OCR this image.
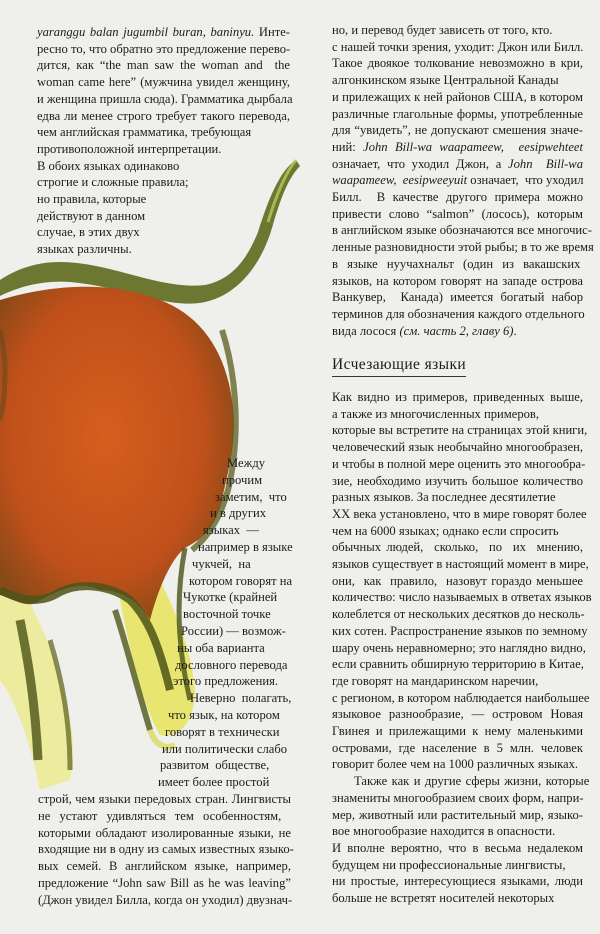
yaranggu balan jugumbil buran, baninyu. Инте-
ресно то, что обратно это предложение перево-
дится, как “the man saw the woman and  the
woman came here” (мужчина увидел женщину,
и женщина пришла сюда). Грамматика дырбала
едва ли менее строго требует такого перевода,
чем английская грамматика, требующая
противоположной интерпретации.
В обоих языках одинаково
строгие и сложные правила;
но правила, которые
действуют в данном
случае, в этих двух
языках различны.
Между
прочим
заметим,  что
и в других
языках  —
например в языке
чукчей,  на
котором говорят на
Чукотке (крайней
восточной точке
России) — возмож-
ны оба варианта
дословного перевода
этого предложения.
Неверно  полагать,
что язык, на котором
говорят в технически
или политически слабо
развитом  обществе,
имеет более простой
строй, чем языки передовых стран. Лингвисты
не устают удивляться тем особенностям,
которыми обладают изолированные языки, не
входящие ни в одну из самых известных языко-
вых  семей.  В  английском  языке,  например,
предложение “John saw Bill as he was leaving”
(Джон увидел Билла, когда он уходил) двузнач-
но, и перевод будет зависеть от того, кто.
с нашей точки зрения, уходит: Джон или Билл.
Такое двоякое толкование невозможно в кри,
алгонкинском языке Центральной Канады
и прилежащих к ней районов США, в котором
различные глагольные формы, употребленные
для “увидеть”, не допускают смешения значе-
ний: John Bill-wa waapameew,  eesipwehteet
означает, что уходил Джон, а John  Bill-wa
waapameew,  eesipweeyuit означает,  что уходил
Билл.  В качестве другого примера можно
привести слово “salmon” (лосось), которым
в английском языке обозначаются все многочис-
ленные разновидности этой рыбы; в то же время
в языке нуучахнальт (один из вакашских
языков, на котором говорят на западе острова
Ванкувер,  Канада) имеется богатый набор
терминов для обозначения каждого отдельного
вида лосося (см. часть 2, главу 6).
Как видно из примеров, приведенных выше,
а также из многочисленных примеров,
которые вы встретите на страницах этой книги,
человеческий язык необычайно многообразен,
и чтобы в полной мере оценить это многообра-
зие, необходимо изучить большое количество
разных языков. За последнее десятилетие
XX века установлено, что в мире говорят более
чем на 6000 языках; однако если спросить
обычных людей,  сколько,  по  их  мнению,
языков существует в настоящий момент в мире,
они,  как  правило,  назовут гораздо меньшее
количество: число называемых в ответах языков
колеблется от нескольких десятков до несколь-
ких сотен. Распространение языков по земному
шару очень неравномерно; это наглядно видно,
если сравнить обширную территорию в Китае,
где говорят на мандаринском наречии,
с регионом, в котором наблюдается наибольшее
языковое разнообразие, — островом Новая
Гвинея и прилежащими к нему маленькими
островами, где население в 5 млн. человек
говорит более чем на 1000 различных языках.
Также как и другие сферы жизни, которые
знамениты многообразием своих форм, напри-
мер, животный или растительный мир, языко-
вое многообразие находится в опасности.
И вполне вероятно, что в весьма недалеком
будущем ни профессиональные лингвисты,
ни простые, интересующиеся языками, люди
больше не встретят носителей некоторых
Исчезающие языки
